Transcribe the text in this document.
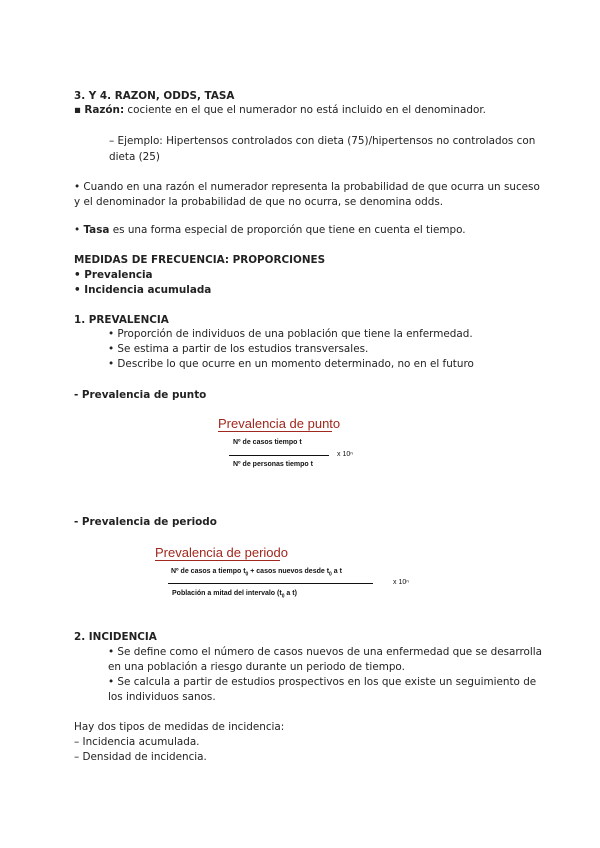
3. Y 4. RAZON, ODDS, TASA
▪ Razón: cociente en el que el numerador no está incluido en el denominador.
– Ejemplo: Hipertensos controlados con dieta (75)/hipertensos no controlados con
dieta (25)
• Cuando en una razón el numerador representa la probabilidad de que ocurra un suceso
y el denominador la probabilidad de que no ocurra, se denomina odds.
• Tasa es una forma especial de proporción que tiene en cuenta el tiempo.
MEDIDAS DE FRECUENCIA: PROPORCIONES
• Prevalencia
• Incidencia acumulada
1. PREVALENCIA
• Proporción de individuos de una población que tiene la enfermedad.
• Se estima a partir de los estudios transversales.
• Describe lo que ocurre en un momento determinado, no en el futuro
- Prevalencia de punto
Prevalencia de punto
Nº de casos tiempo t
Nº de personas tiempo t
x 10ⁿ
- Prevalencia de periodo
Prevalencia de periodo
Nº de casos a tiempo $t_0$ + casos nuevos desde $t_0$ a t
Población a mitad del intervalo ($t_0$ a t)
x 10ⁿ
2. INCIDENCIA
• Se define como el número de casos nuevos de una enfermedad que se desarrolla
en una población a riesgo durante un periodo de tiempo.
• Se calcula a partir de estudios prospectivos en los que existe un seguimiento de
los individuos sanos.
Hay dos tipos de medidas de incidencia:
– Incidencia acumulada.
– Densidad de incidencia.
